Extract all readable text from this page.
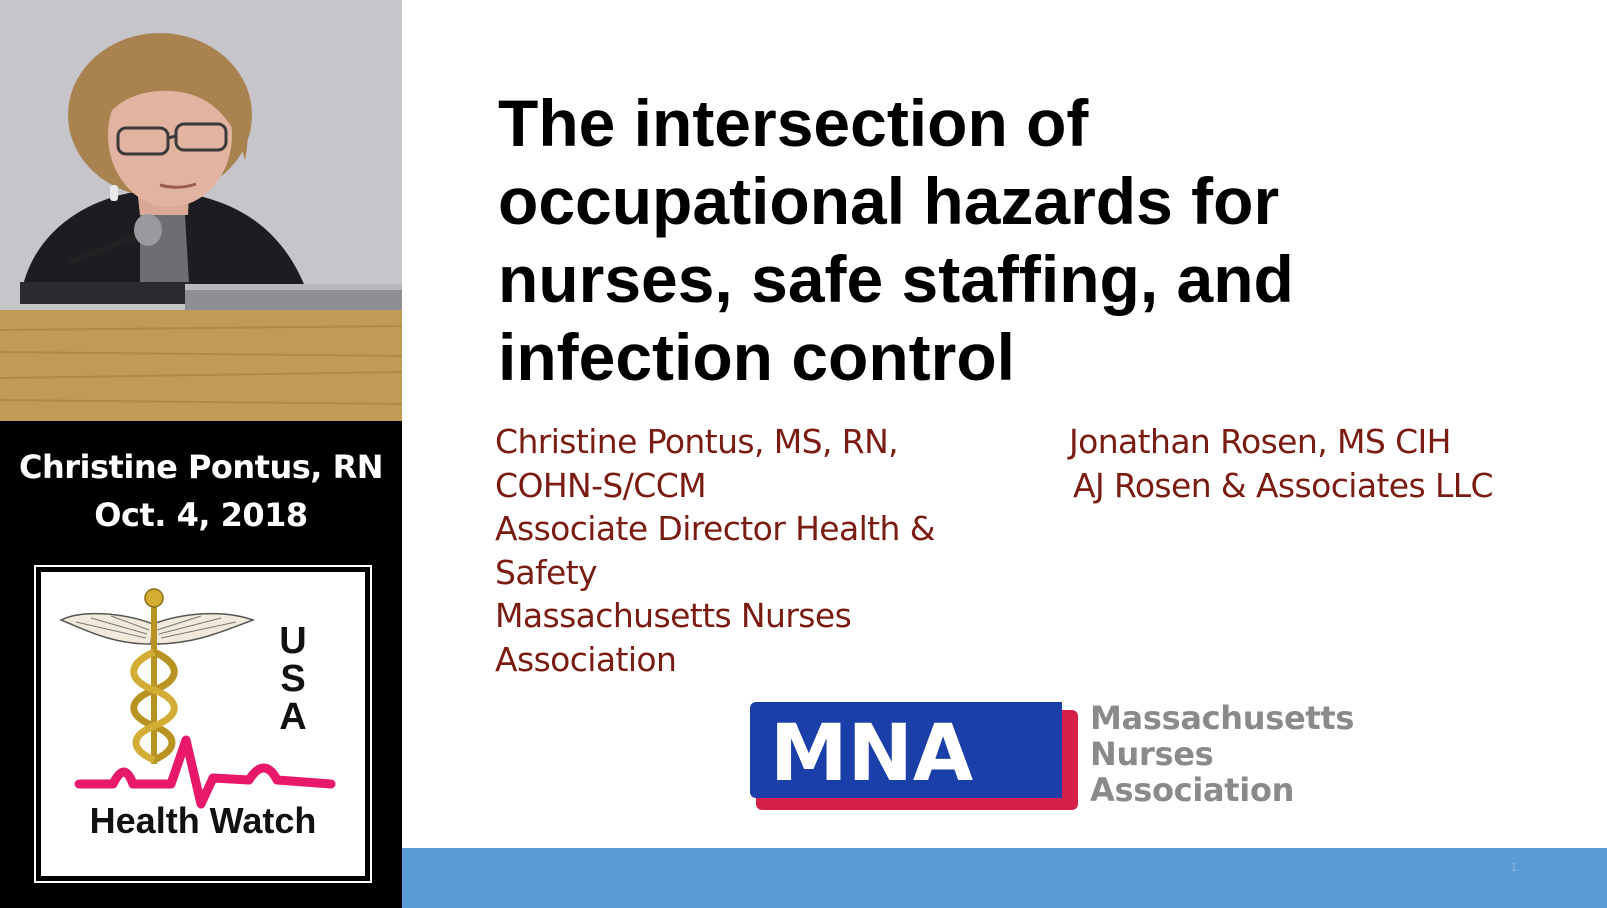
Christine Pontus, RN
Oct. 4, 2018
U
S
A
Health Watch
The intersection of
occupational hazards for
nurses, safe staffing, and
infection control
Christine Pontus, MS, RN,
COHN-S/CCM
Associate Director Health &
Safety
Massachusetts Nurses
Association
Jonathan Rosen, MS CIH
AJ Rosen & Associates LLC
MNA	Massachusetts
Nurses
Association
1
